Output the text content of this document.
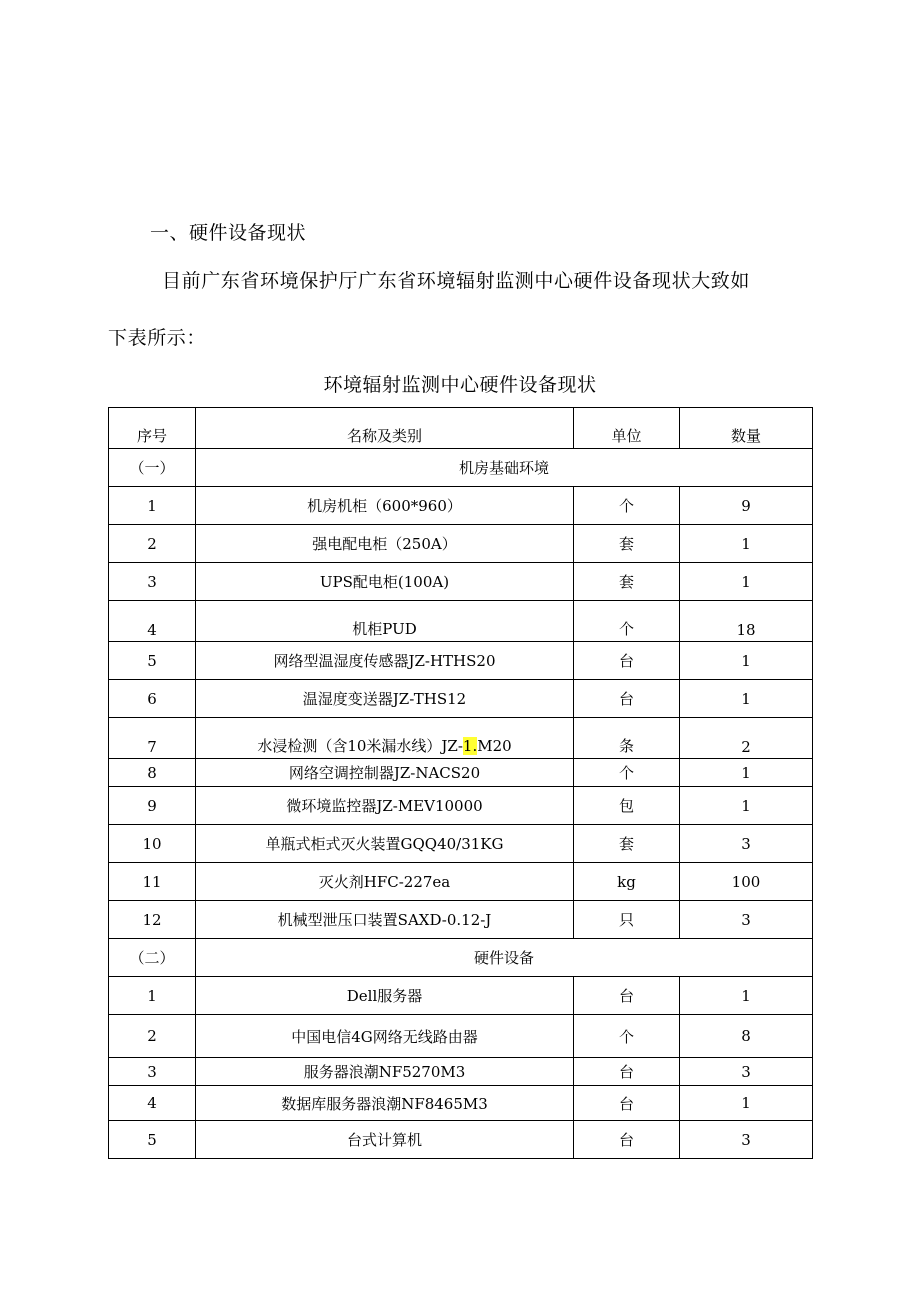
一、硬件设备现状
目前广东省环境保护厅广东省环境辐射监测中心硬件设备现状大致如
下表所示：
环境辐射监测中心硬件设备现状
序号	名称及类别	单位	数量
（一）	机房基础环境		
1	机房机柜（600*960）	个	9
2	强电配电柜（250A）	套	1
3	UPS配电柜(100A)	套	1
4	机柜PUD	个	18
5	网络型温湿度传感器JZ-HTHS20	台	1
6	温湿度变送器JZ-THS12	台	1
7	水浸检测（含10米漏水线）JZ-1.M20	条	2
8	网络空调控制器JZ-NACS20	个	1
9	微环境监控器JZ-MEV10000	包	1
10	单瓶式柜式灭火装置GQQ40/31KG	套	3
11	灭火剂HFC-227ea	kg	100
12	机械型泄压口装置SAXD-0.12-J	只	3
（二）	硬件设备		
1	Dell服务器	台	1
2	中国电信4G网络无线路由器	个	8
3	服务器浪潮NF5270M3	台	3
4	数据库服务器浪潮NF8465M3	台	1
5	台式计算机	台	3
